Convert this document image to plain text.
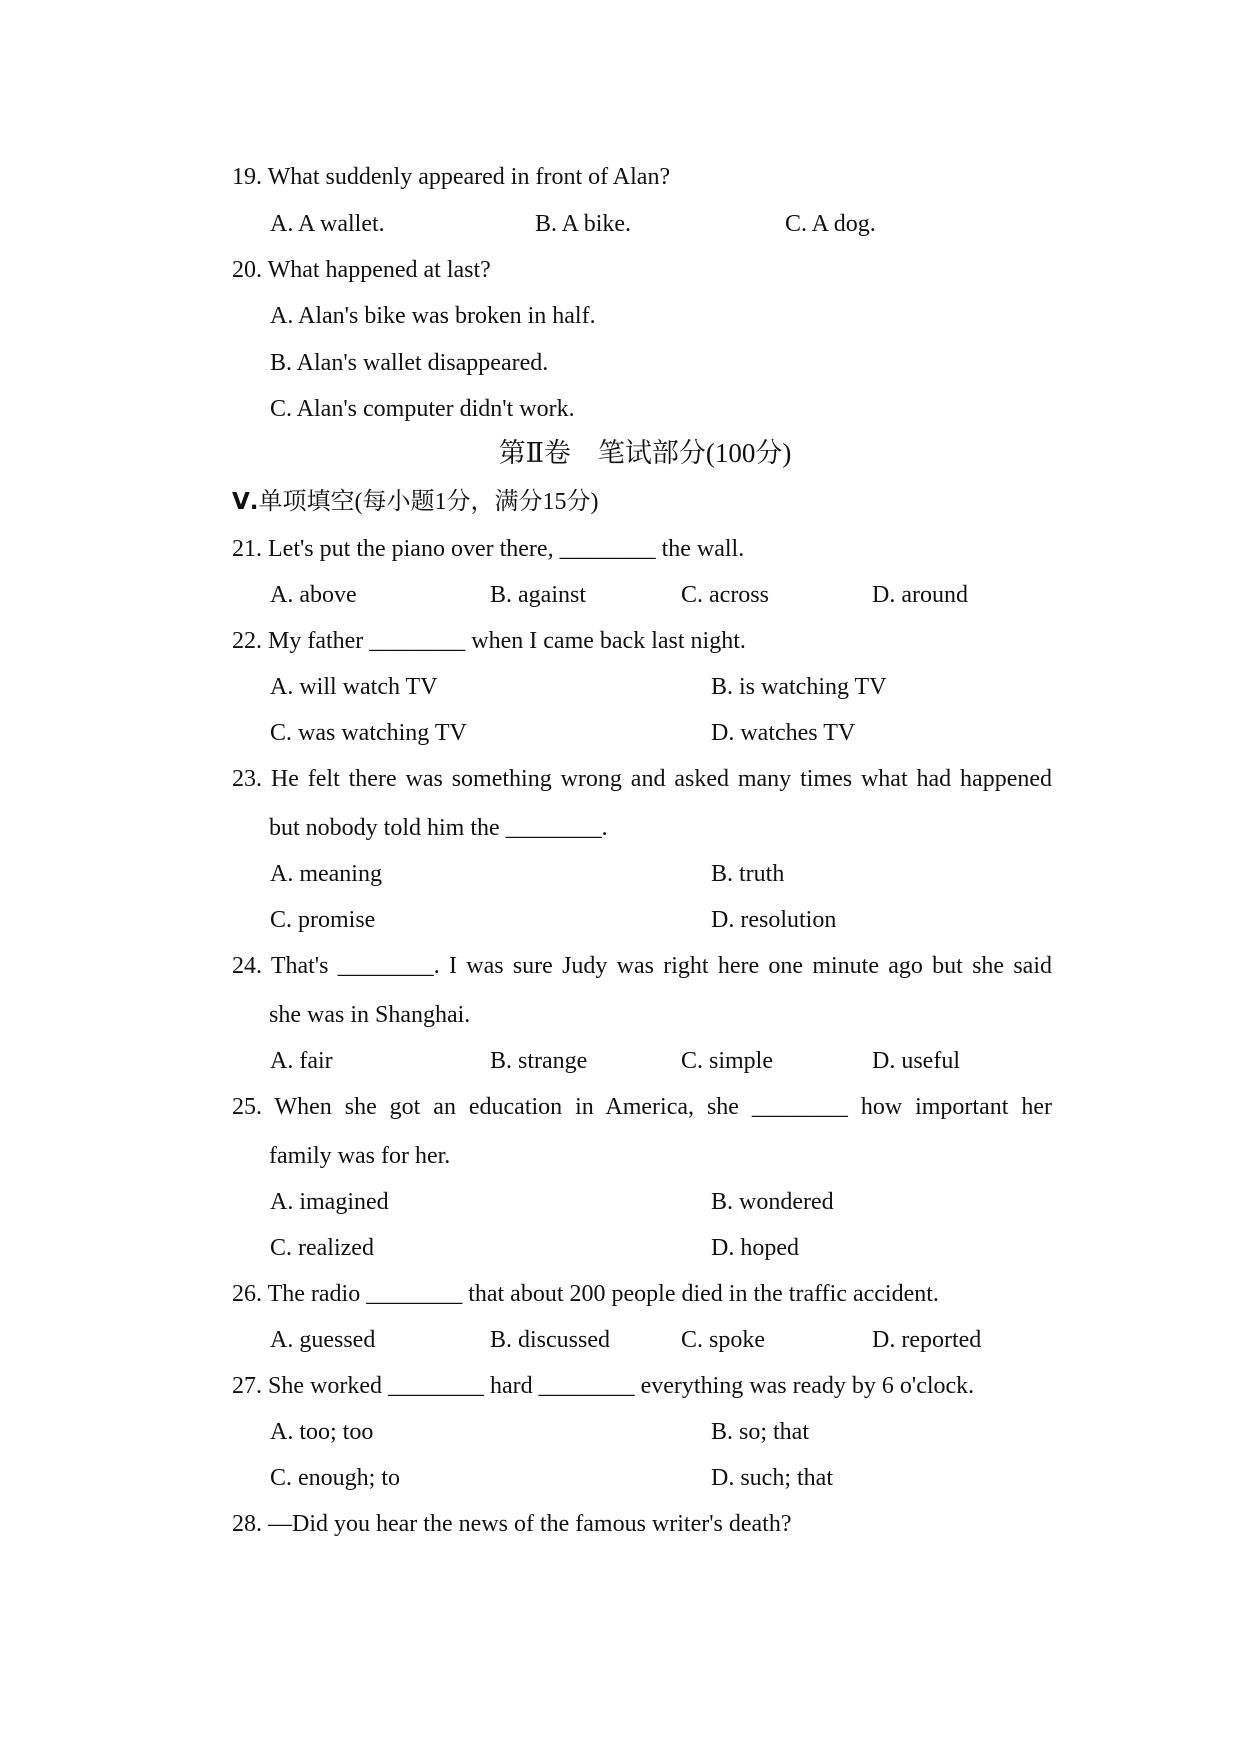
19. What suddenly appeared in front of Alan?
A. A wallet.	B. A bike.	C. A dog.
20. What happened at last?
A. Alan's bike was broken in half.
B. Alan's wallet disappeared.
C. Alan's computer didn't work.
第Ⅱ卷　笔试部分(100分)
Ⅴ.单项填空(每小题1分，满分15分)
21. Let's put the piano over there, ________ the wall.
A. above	B. against	C. across	D. around
22. My father ________ when I came back last night.
A. will watch TV	B. is watching TV
C. was watching TV	D. watches TV
23. He felt there was something wrong and asked many times what had happened
but nobody told him the ________.
A. meaning	B. truth
C. promise	D. resolution
24. That's ________. I was sure Judy was right here one minute ago but she said
she was in Shanghai.
A. fair	B. strange	C. simple	D. useful
25. When she got an education in America, she ________ how important her
family was for her.
A. imagined	B. wondered
C. realized	D. hoped
26. The radio ________ that about 200 people died in the traffic accident.
A. guessed	B. discussed	C. spoke	D. reported
27. She worked ________ hard ________ everything was ready by 6 o'clock.
A. too; too	B. so; that
C. enough; to	D. such; that
28. —Did you hear the news of the famous writer's death?
